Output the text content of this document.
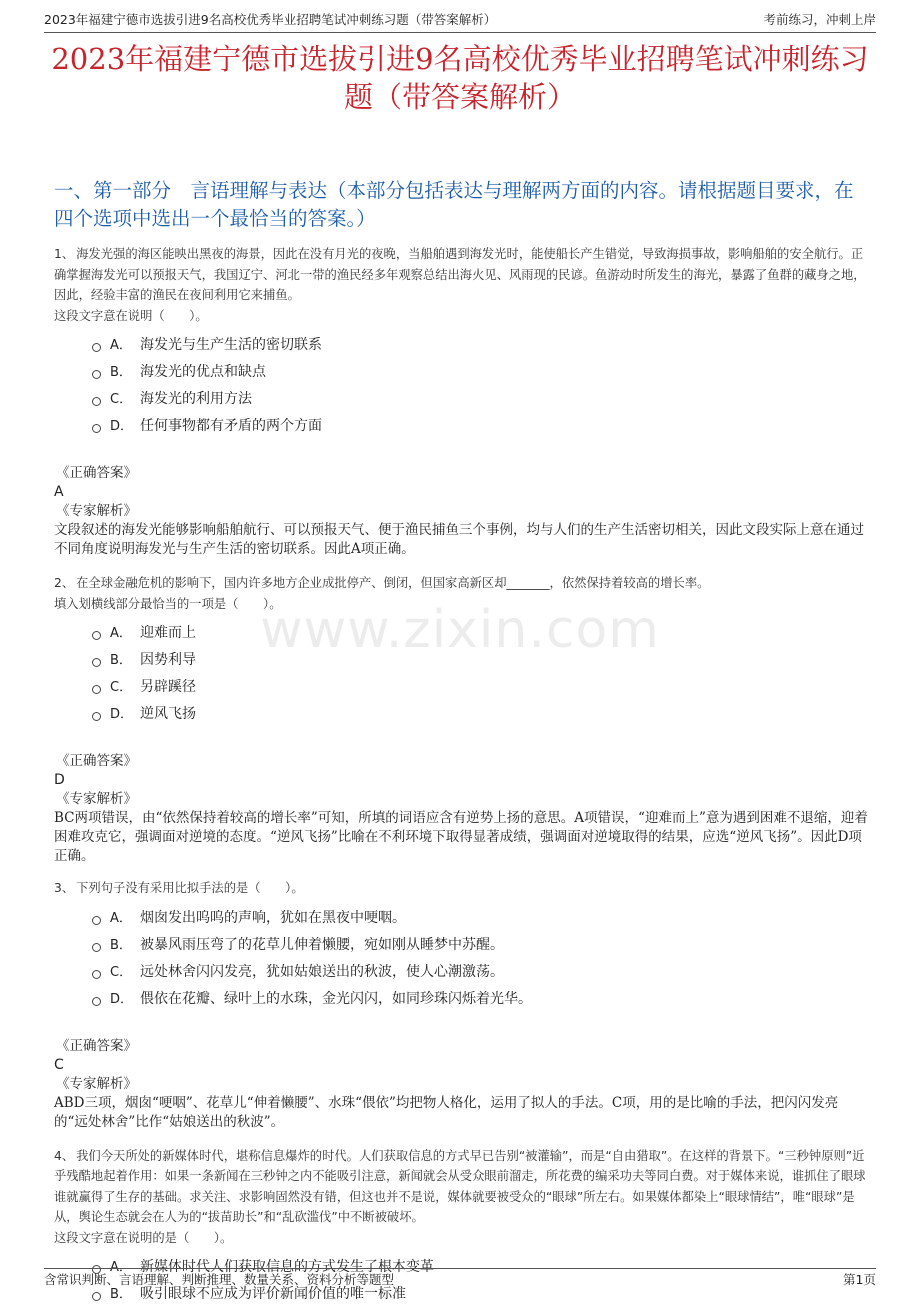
2023年福建宁德市选拔引进9名高校优秀毕业招聘笔试冲刺练习题（带答案解析）	考前练习，冲刺上岸
2023年福建宁德市选拔引进9名高校优秀毕业招聘笔试冲刺练习题（带答案解析）
一、第一部分　言语理解与表达（本部分包括表达与理解两方面的内容。请根据题目要求，在四个选项中选出一个最恰当的答案。）
www.zixin.com

1、 海发光强的海区能映出黑夜的海景，因此在没有月光的夜晚，当船舶遇到海发光时，能使船长产生错觉，导致海损事故，影响船舶的安全航行。正确掌握海发光可以预报天气，我国辽宁、河北一带的渔民经多年观察总结出海火见、风雨现的民谚。鱼游动时所发生的海光，暴露了鱼群的藏身之地，因此，经验丰富的渔民在夜间利用它来捕鱼。

这段文字意在说明（　　）。

A． 海发光与生产生活的密切联系
B． 海发光的优点和缺点
C． 海发光的利用方法
D． 任何事物都有矛盾的两个方面

《正确答案》

A

《专家解析》

文段叙述的海发光能够影响船舶航行、可以预报天气、便于渔民捕鱼三个事例，均与人们的生产生活密切相关，因此文段实际上意在通过不同角度说明海发光与生产生活的密切联系。因此A项正确。

2、 在全球金融危机的影响下，国内许多地方企业成批停产、倒闭，但国家高新区却_______，依然保持着较高的增长率。

填入划横线部分最恰当的一项是（　　）。

A． 迎难而上
B． 因势利导
C． 另辟蹊径
D． 逆风飞扬

《正确答案》

D

《专家解析》

BC两项错误，由“依然保持着较高的增长率”可知，所填的词语应含有逆势上扬的意思。A项错误，“迎难而上”意为遇到困难不退缩，迎着困难攻克它，强调面对逆境的态度。“逆风飞扬”比喻在不利环境下取得显著成绩，强调面对逆境取得的结果，应选“逆风飞扬”。因此D项正确。

3、 下列句子没有采用比拟手法的是（　　）。

A． 烟囱发出呜呜的声响，犹如在黑夜中哽咽。
B． 被暴风雨压弯了的花草儿伸着懒腰，宛如刚从睡梦中苏醒。
C． 远处林舍闪闪发亮，犹如姑娘送出的秋波，使人心潮激荡。
D． 偎依在花瓣、绿叶上的水珠，金光闪闪，如同珍珠闪烁着光华。

《正确答案》

C

《专家解析》

ABD三项，烟囱“哽咽”、花草儿“伸着懒腰”、水珠“偎依”均把物人格化，运用了拟人的手法。C项，用的是比喻的手法，把闪闪发亮的“远处林舍”比作“姑娘送出的秋波”。

4、 我们今天所处的新媒体时代，堪称信息爆炸的时代。人们获取信息的方式早已告别“被灌输”，而是“自由猎取”。在这样的背景下。“三秒钟原则”近乎残酷地起着作用：如果一条新闻在三秒钟之内不能吸引注意，新闻就会从受众眼前溜走，所花费的编采功夫等同白费。对于媒体来说，谁抓住了眼球谁就赢得了生存的基础。求关注、求影响固然没有错，但这也并不是说，媒体就要被受众的“眼球”所左右。如果媒体都染上“眼球情结”，唯“眼球”是从，舆论生态就会在人为的“拔苗助长”和“乱砍滥伐”中不断被破坏。

这段文字意在说明的是（　　）。

A． 新媒体时代人们获取信息的方式发生了根本变革
B． 吸引眼球不应成为评价新闻价值的唯一标准
含常识判断、言语理解、判断推理、数量关系、资料分析等题型	第1页
